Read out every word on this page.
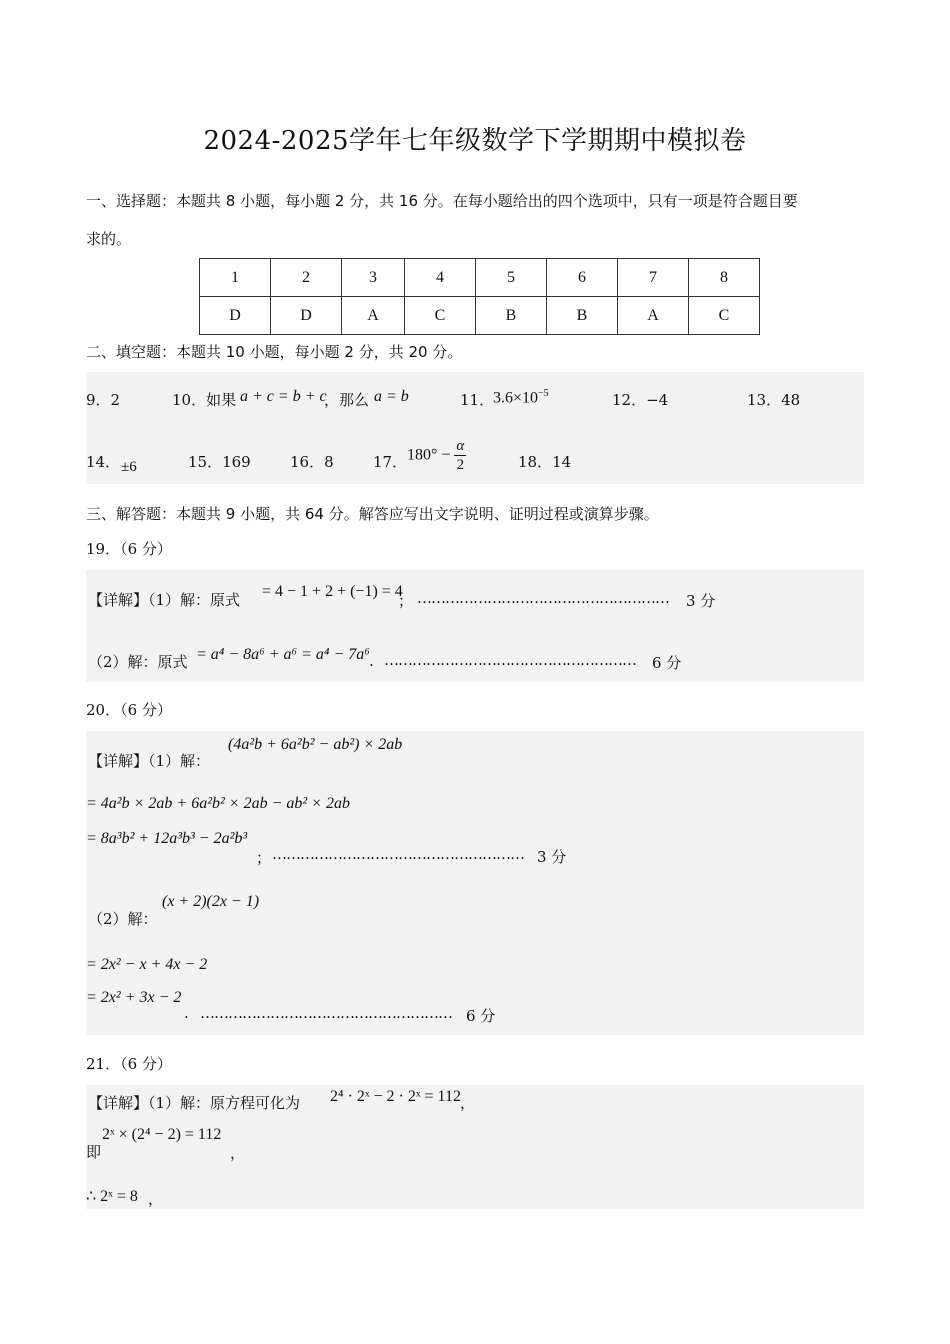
2024-2025学年七年级数学下学期期中模拟卷
一、选择题：本题共 8 小题，每小题 2 分，共 16 分。在每小题给出的四个选项中，只有一项是符合题目要
求的。
1	2	3	4	5	6	7	8
D	D	A	C	B	B	A	C
二、填空题：本题共 10 小题，每小题 2 分，共 20 分。
9．2	10．如果 a + c = b + c
，那么 a = b	11．
$3.6\times 10^{-5}$	12．−4	13．48
14． ±6	15．169	16．8	17． $180^\circ - \frac{\alpha}{2}$	18．14
三、解答题：本题共 9 小题，共 64 分。解答应写出文字说明、证明过程或演算步骤。
19．（6 分）
【详解】（1）解：原式 = 4 − 1 + 2 + (−1) = 4
； ……………………………………………… 3 分
（2）解：原式 = a⁴ − 8a⁶ + a⁶ = a⁴ − 7a⁶ . ……………………………………………… 6 分
20．（6 分）
【详解】（1）解：
(4a²b + 6a²b² − ab²) × 2ab
= 4a²b × 2ab + 6a²b² × 2ab − ab² × 2ab
= 8a³b² + 12a³b³ − 2a²b³
； ……………………………………………… 3 分
（2）解：
(x + 2)(2x − 1)
= 2x² − x + 4x − 2
= 2x² + 3x − 2
. ……………………………………………… 6 分
21．（6 分）
【详解】（1）解：原方程可化为 2⁴ · 2ˣ − 2 · 2ˣ = 112 ，
即
2ˣ × (2⁴ − 2) = 112
，
∴ 2ˣ = 8 ，
